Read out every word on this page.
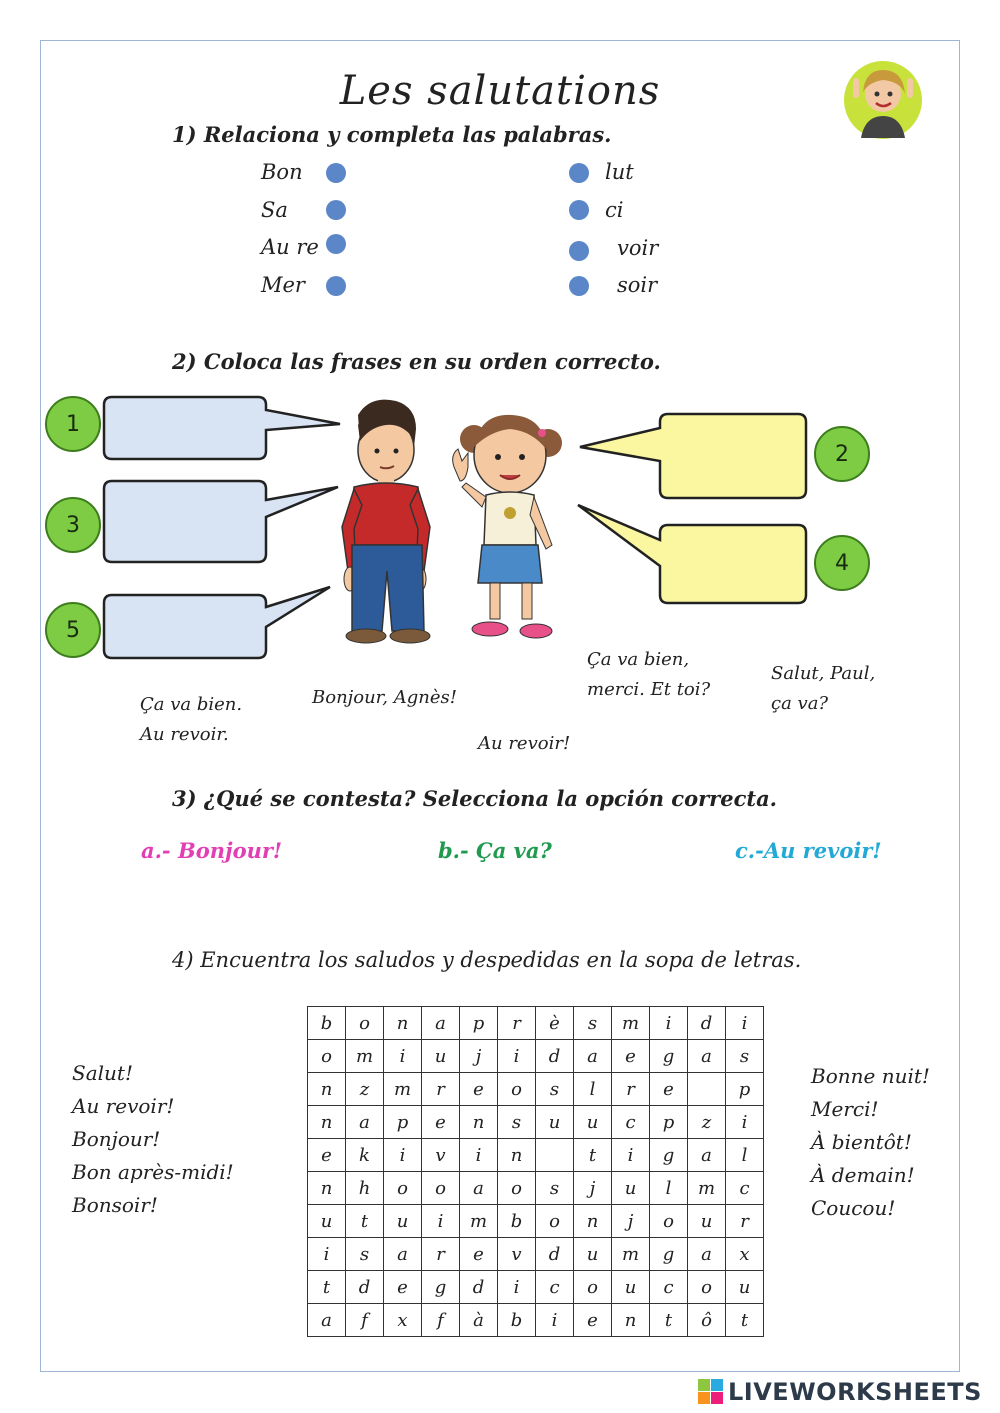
Les salutations
1) Relaciona y completa las palabras.
Bon
Sa
Au re
Mer
lut
ci
voir
soir
2) Coloca las frases en su orden correcto.
1
3
5
2
4
Ça va bien.
Au revoir.
Bonjour, Agnès!
Au revoir!
Ça va bien,
merci. Et toi?
Salut, Paul,
ça va?
3) ¿Qué se contesta? Selecciona la opción correcta.
a.- Bonjour!	b.- Ça va?	c.-Au revoir!
4) Encuentra los saludos y despedidas en la sopa de letras.
b	o	n	a	p	r	è	s	m	i	d	i
o	m	i	u	j	i	d	a	e	g	a	s
n	z	m	r	e	o	s	l	r	e		p
n	a	p	e	n	s	u	u	c	p	z	i
e	k	i	v	i	n		t	i	g	a	l
n	h	o	o	a	o	s	j	u	l	m	c
u	t	u	i	m	b	o	n	j	o	u	r
i	s	a	r	e	v	d	u	m	g	a	x
t	d	e	g	d	i	c	o	u	c	o	u
a	f	x	f	à	b	i	e	n	t	ô	t
Salut!
Au revoir!
Bonjour!
Bon après-midi!
Bonsoir!
Bonne nuit!
Merci!
À bientôt!
À demain!
Coucou!
LIVEWORKSHEETS
